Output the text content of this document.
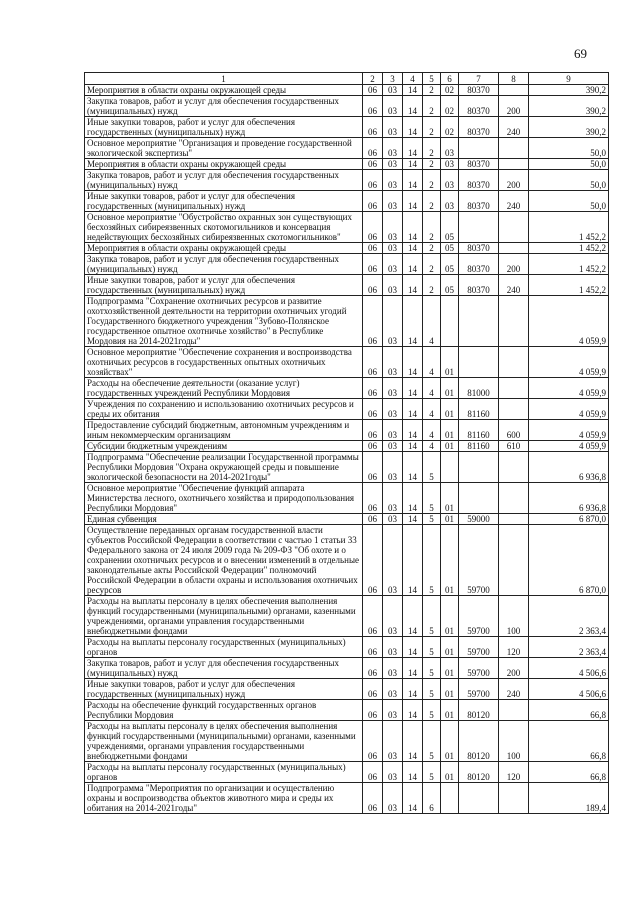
69
1	2	3	4	5	6	7	8	9
Мероприятия в области охраны окружающей среды	06	03	14	2	02	80370		390,2
Закупка товаров, работ и услуг для обеспечения государственных (муниципальных) нужд	06	03	14	2	02	80370	200	390,2
Иные закупки товаров, работ и услуг для обеспечения государственных (муниципальных) нужд	06	03	14	2	02	80370	240	390,2
Основное мероприятие "Организация и проведение государственной экологической экспертизы"	06	03	14	2	03			50,0
Мероприятия в области охраны окружающей среды	06	03	14	2	03	80370		50,0
Закупка товаров, работ и услуг для обеспечения государственных (муниципальных) нужд	06	03	14	2	03	80370	200	50,0
Иные закупки товаров, работ и услуг для обеспечения государственных (муниципальных) нужд	06	03	14	2	03	80370	240	50,0
Основное мероприятие "Обустройство охранных зон существующих бесхозяйных сибиреязвенных скотомогильников и консервация недействующих бесхозяйных сибиреязвенных скотомогильников"	06	03	14	2	05			1 452,2
Мероприятия в области охраны окружающей среды	06	03	14	2	05	80370		1 452,2
Закупка товаров, работ и услуг для обеспечения государственных (муниципальных) нужд	06	03	14	2	05	80370	200	1 452,2
Иные закупки товаров, работ и услуг для обеспечения государственных (муниципальных) нужд	06	03	14	2	05	80370	240	1 452,2
Подпрограмма "Сохранение охотничьих ресурсов и развитие охотхозяйственной деятельности на территории охотничьих угодий Государственного бюджетного учреждения "Зубово-Полянское государственное опытное охотничье хозяйство" в Республике Мордовия на 2014-2021годы"	06	03	14	4				4 059,9
Основное мероприятие "Обеспечение сохранения и воспроизводства охотничьих ресурсов в государственных опытных охотничьих хозяйствах"	06	03	14	4	01			4 059,9
Расходы на обеспечение деятельности (оказание услуг) государственных учреждений Республики Мордовия	06	03	14	4	01	81000		4 059,9
Учреждения по сохранению и использованию охотничьих ресурсов и среды их обитания	06	03	14	4	01	81160		4 059,9
Предоставление субсидий бюджетным, автономным учреждениям и иным некоммерческим организациям	06	03	14	4	01	81160	600	4 059,9
Субсидии бюджетным учреждениям	06	03	14	4	01	81160	610	4 059,9
Подпрограмма "Обеспечение реализации Государственной программы Республики Мордовия "Охрана окружающей среды и повышение экологической безопасности на 2014-2021годы"	06	03	14	5				6 936,8
Основное мероприятие "Обеспечение функций аппарата Министерства лесного, охотничьего хозяйства и природопользования Республики Мордовия"	06	03	14	5	01			6 936,8
Единая субвенция	06	03	14	5	01	59000		6 870,0
Осуществление переданных органам государственной власти субъектов Российской Федерации в соответствии с частью 1 статьи 33 Федерального закона от 24 июля 2009 года № 209-ФЗ "Об охоте и о сохранении охотничьих ресурсов и о внесении изменений в отдельные законодательные акты Российской Федерации" полномочий Российской Федерации в области охраны и использования охотничьих ресурсов	06	03	14	5	01	59700		6 870,0
Расходы на выплаты персоналу в целях обеспечения выполнения функций государственными (муниципальными) органами, казенными учреждениями, органами управления государственными внебюджетными фондами	06	03	14	5	01	59700	100	2 363,4
Расходы на выплаты персоналу государственных (муниципальных) органов	06	03	14	5	01	59700	120	2 363,4
Закупка товаров, работ и услуг для обеспечения государственных (муниципальных) нужд	06	03	14	5	01	59700	200	4 506,6
Иные закупки товаров, работ и услуг для обеспечения государственных (муниципальных) нужд	06	03	14	5	01	59700	240	4 506,6
Расходы на обеспечение функций государственных органов Республики Мордовия	06	03	14	5	01	80120		66,8
Расходы на выплаты персоналу в целях обеспечения выполнения функций государственными (муниципальными) органами, казенными учреждениями, органами управления государственными внебюджетными фондами	06	03	14	5	01	80120	100	66,8
Расходы на выплаты персоналу государственных (муниципальных) органов	06	03	14	5	01	80120	120	66,8
Подпрограмма "Мероприятия по организации и осуществлению охраны и воспроизводства объектов животного мира и среды их обитания на 2014-2021годы"	06	03	14	6				189,4
